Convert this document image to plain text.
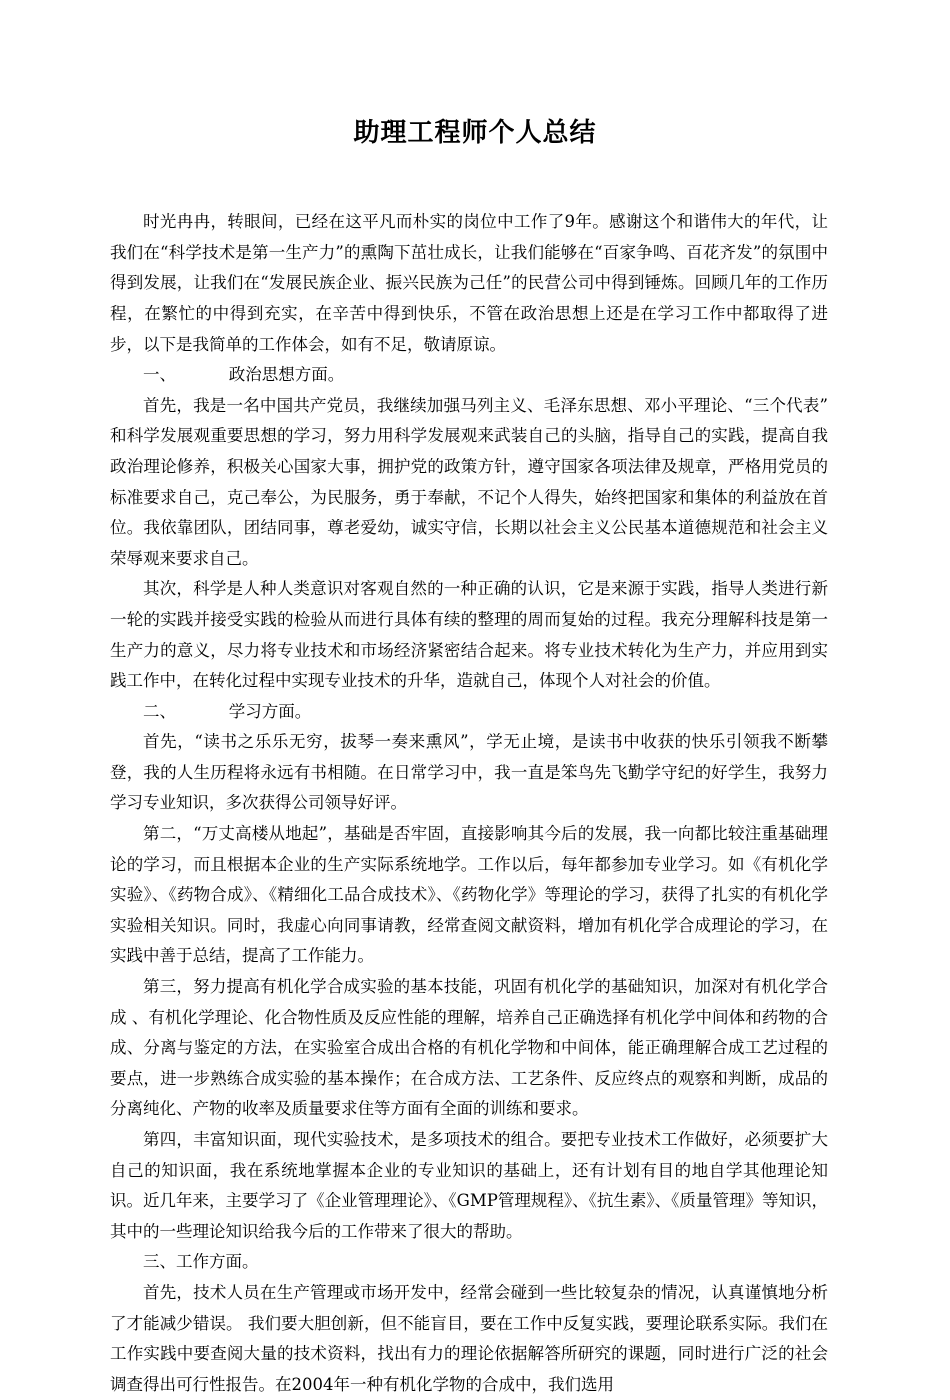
助理工程师个人总结

时光冉冉，转眼间，已经在这平凡而朴实的岗位中工作了9年。感谢这个和谐伟大的年代，让我们在“科学技术是第一生产力”的熏陶下茁壮成长，让我们能够在“百家争鸣、百花齐发”的氛围中得到发展，让我们在“发展民族企业、振兴民族为己任”的民营公司中得到锤炼。回顾几年的工作历程，在繁忙的中得到充实，在辛苦中得到快乐，不管在政治思想上还是在学习工作中都取得了进步，以下是我简单的工作体会，如有不足，敬请原谅。

一、	政治思想方面。

首先，我是一名中国共产党员，我继续加强马列主义、毛泽东思想、邓小平理论、“三个代表”和科学发展观重要思想的学习，努力用科学发展观来武装自己的头脑，指导自己的实践，提高自我政治理论修养，积极关心国家大事，拥护党的政策方针，遵守国家各项法律及规章，严格用党员的标准要求自己，克己奉公，为民服务，勇于奉献，不记个人得失，始终把国家和集体的利益放在首位。我依靠团队，团结同事，尊老爱幼，诚实守信，长期以社会主义公民基本道德规范和社会主义荣辱观来要求自己。

其次，科学是人种人类意识对客观自然的一种正确的认识，它是来源于实践，指导人类进行新一轮的实践并接受实践的检验从而进行具体有续的整理的周而复始的过程。我充分理解科技是第一生产力的意义，尽力将专业技术和市场经济紧密结合起来。将专业技术转化为生产力，并应用到实践工作中，在转化过程中实现专业技术的升华，造就自己，体现个人对社会的价值。

二、	学习方面。

首先，“读书之乐乐无穷，拔琴一奏来熏风”，学无止境，是读书中收获的快乐引领我不断攀登，我的人生历程将永远有书相随。在日常学习中，我一直是笨鸟先飞勤学守纪的好学生，我努力学习专业知识，多次获得公司领导好评。

第二，“万丈高楼从地起”，基础是否牢固，直接影响其今后的发展，我一向都比较注重基础理论的学习，而且根据本企业的生产实际系统地学。工作以后，每年都参加专业学习。如《有机化学实验》、《药物合成》、《精细化工品合成技术》、《药物化学》等理论的学习，获得了扎实的有机化学实验相关知识。同时，我虚心向同事请教，经常查阅文献资料，增加有机化学合成理论的学习，在实践中善于总结，提高了工作能力。

第三，努力提高有机化学合成实验的基本技能，巩固有机化学的基础知识，加深对有机化学合成 、有机化学理论、化合物性质及反应性能的理解，培养自己正确选择有机化学中间体和药物的合成、分离与鉴定的方法，在实验室合成出合格的有机化学物和中间体，能正确理解合成工艺过程的要点，进一步熟练合成实验的基本操作；在合成方法、工艺条件、反应终点的观察和判断，成品的分离纯化、产物的收率及质量要求住等方面有全面的训练和要求。

第四，丰富知识面，现代实验技术，是多项技术的组合。要把专业技术工作做好，必须要扩大自己的知识面，我在系统地掌握本企业的专业知识的基础上，还有计划有目的地自学其他理论知识。近几年来，主要学习了《企业管理理论》、《GMP管理规程》、《抗生素》、《质量管理》等知识，其中的一些理论知识给我今后的工作带来了很大的帮助。

三、工作方面。

首先，技术人员在生产管理或市场开发中，经常会碰到一些比较复杂的情况，认真谨慎地分析了才能减少错误。 我们要大胆创新，但不能盲目，要在工作中反复实践，要理论联系实际。我们在工作实践中要查阅大量的技术资料，找出有力的理论依据解答所研究的课题，同时进行广泛的社会调查得出可行性报告。在2004年一种有机化学物的合成中，我们选用
